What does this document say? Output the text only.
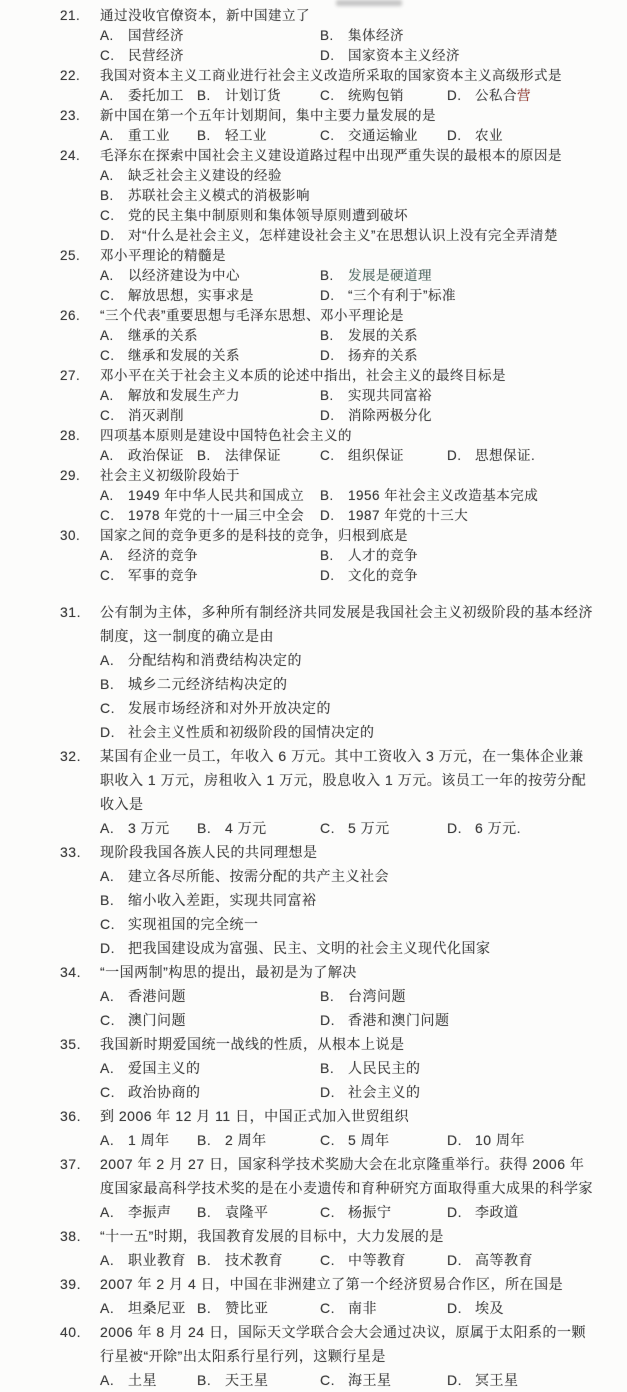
21.	通过没收官僚资本，新中国建立了
A.	国营经济	B.	集体经济
C.	民营经济	D.	国家资本主义经济
22.	我国对资本主义工商业进行社会主义改造所采取的国家资本主义高级形式是
A.	委托加工 B.	计划订货	C.	统购包销	D.	公私合营
23.	新中国在第一个五年计划期间，集中主要力量发展的是
A.	重工业	B.	轻工业	C.	交通运输业	D.	农业
24.	毛泽东在探索中国社会主义建设道路过程中出现严重失误的最根本的原因是
A.	缺乏社会主义建设的经验
B.	苏联社会主义模式的消极影响
C.	党的民主集中制原则和集体领导原则遭到破坏
D.	对“什么是社会主义，怎样建设社会主义”在思想认识上没有完全弄清楚
25.	邓小平理论的精髓是
A.	以经济建设为中心	B.	发展是硬道理
C.	解放思想，实事求是	D.	“三个有利于”标准
26.	“三个代表”重要思想与毛泽东思想、邓小平理论是
A.	继承的关系	B.	发展的关系
C.	继承和发展的关系	D.	扬弃的关系
27.	邓小平在关于社会主义本质的论述中指出，社会主义的最终目标是
A.	解放和发展生产力	B.	实现共同富裕
C.	消灭剥削	D.	消除两极分化
28.	四项基本原则是建设中国特色社会主义的
A.	政治保证 B.	法律保证	C.	组织保证	D.	思想保证.
29.	社会主义初级阶段始于
A.	1949 年中华人民共和国成立	B.	1956 年社会主义改造基本完成
C.	1978 年党的十一届三中全会	D.	1987 年党的十三大
30.	国家之间的竞争更多的是科技的竞争，归根到底是
A.	经济的竞争	B.	人才的竞争
C.	军事的竞争	D.	文化的竞争
31.	公有制为主体，多种所有制经济共同发展是我国社会主义初级阶段的基本经济制度，这一制度的确立是由
A. 分配结构和消费结构决定的
B. 城乡二元经济结构决定的
C. 发展市场经济和对外开放决定的
D. 社会主义性质和初级阶段的国情决定的
32.	某国有企业一员工，年收入 6 万元。其中工资收入 3 万元，在一集体企业兼职收入 1 万元，房租收入 1 万元，股息收入 1 万元。该员工一年的按劳分配收入是
A. 3 万元	B. 4 万元	C. 5 万元	D. 6 万元.
33.	现阶段我国各族人民的共同理想是
A. 建立各尽所能、按需分配的共产主义社会
B. 缩小收入差距，实现共同富裕
C. 实现祖国的完全统一
D. 把我国建设成为富强、民主、文明的社会主义现代化国家
34.	“一国两制”构思的提出，最初是为了解决
A. 香港问题	B. 台湾问题
C. 澳门问题	D. 香港和澳门问题
35.	我国新时期爱国统一战线的性质，从根本上说是
A. 爱国主义的	B. 人民民主的
C. 政治协商的	D. 社会主义的
36.	到 2006 年 12 月 11 日，中国正式加入世贸组织
A. 1 周年	B. 2 周年	C. 5 周年	D. 10 周年
37.	2007 年 2 月 27 日，国家科学技术奖励大会在北京隆重举行。获得 2006 年度国家最高科学技术奖的是在小麦遗传和育种研究方面取得重大成果的科学家
A. 李振声	B. 袁隆平	C. 杨振宁	D. 李政道
38.	“十一五”时期，我国教育发展的目标中，大力发展的是
A. 职业教育 B. 技术教育	C. 中等教育	D. 高等教育
39.	2007 年 2 月 4 日，中国在非洲建立了第一个经济贸易合作区，所在国是
A. 坦桑尼亚 B. 赞比亚	C. 南非	D. 埃及
40.	2006 年 8 月 24 日，国际天文学联合会大会通过决议，原属于太阳系的一颗行星被“开除”出太阳系行星行列，这颗行星是
A. 土星	B. 天王星	C. 海王星	D. 冥王星
